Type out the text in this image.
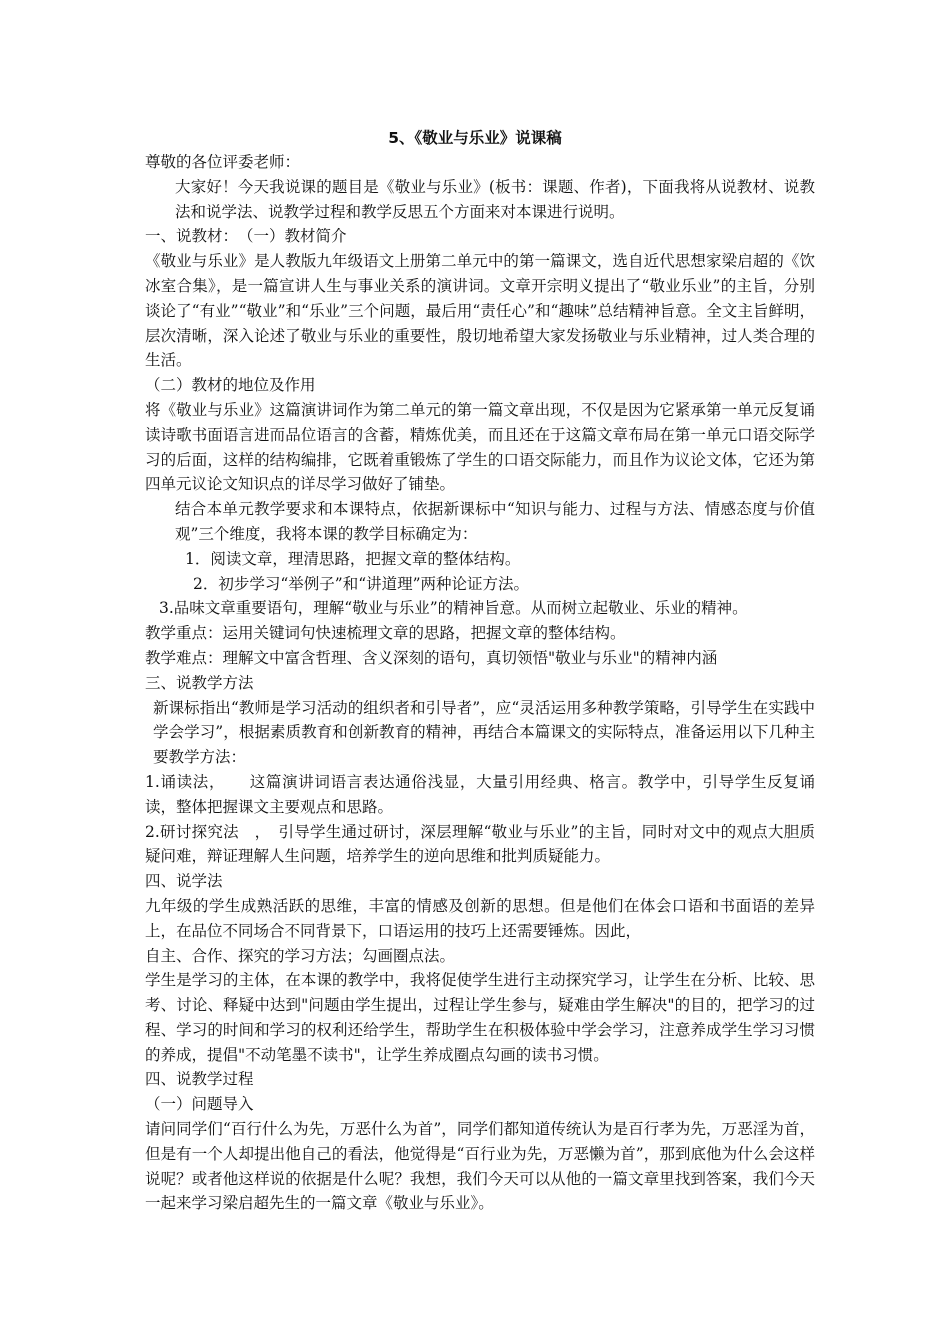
5、《敬业与乐业》说课稿

尊敬的各位评委老师：

大家好！今天我说课的题目是《敬业与乐业》(板书：课题、作者)，下面我将从说教材、说教法和说学法、说教学过程和教学反思五个方面来对本课进行说明。

一、说教材：　（一）教材简介

《敬业与乐业》是人教版九年级语文上册第二单元中的第一篇课文，选自近代思想家梁启超的《饮冰室合集》，是一篇宣讲人生与事业关系的演讲词。文章开宗明义提出了“敬业乐业”的主旨，分别谈论了“有业”“敬业”和“乐业”三个问题，最后用“责任心”和“趣味”总结精神旨意。全文主旨鲜明，层次清晰，深入论述了敬业与乐业的重要性，殷切地希望大家发扬敬业与乐业精神，过人类合理的生活。

（二）教材的地位及作用

将《敬业与乐业》这篇演讲词作为第二单元的第一篇文章出现，不仅是因为它紧承第一单元反复诵读诗歌书面语言进而品位语言的含蓄，精炼优美，而且还在于这篇文章布局在第一单元口语交际学习的后面，这样的结构编排，它既着重锻炼了学生的口语交际能力，而且作为议论文体，它还为第四单元议论文知识点的详尽学习做好了铺垫。

结合本单元教学要求和本课特点，依据新课标中“知识与能力、过程与方法、情感态度与价值观”三个维度，我将本课的教学目标确定为：

1．阅读文章，理清思路，把握文章的整体结构。

2．初步学习“举例子”和“讲道理”两种论证方法。

3.品味文章重要语句，理解“敬业与乐业”的精神旨意。从而树立起敬业、乐业的精神。

教学重点：运用关键词句快速梳理文章的思路，把握文章的整体结构。

教学难点：理解文中富含哲理、含义深刻的语句，真切领悟"敬业与乐业"的精神内涵

三、说教学方法

新课标指出“教师是学习活动的组织者和引导者”，应“灵活运用多种教学策略，引导学生在实践中学会学习”，根据素质教育和创新教育的精神，再结合本篇课文的实际特点，准备运用以下几种主要教学方法：

1.诵读法，　　这篇演讲词语言表达通俗浅显，大量引用经典、格言。教学中，引导学生反复诵读，整体把握课文主要观点和思路。

2.研讨探究法　，　引导学生通过研讨，深层理解“敬业与乐业”的主旨，同时对文中的观点大胆质疑问难，辩证理解人生问题，培养学生的逆向思维和批判质疑能力。

四、说学法

九年级的学生成熟活跃的思维，丰富的情感及创新的思想。但是他们在体会口语和书面语的差异上，在品位不同场合不同背景下，口语运用的技巧上还需要锤炼。因此，

自主、合作、探究的学习方法；勾画圈点法。

学生是学习的主体，在本课的教学中，我将促使学生进行主动探究学习，让学生在分析、比较、思考、讨论、释疑中达到"问题由学生提出，过程让学生参与，疑难由学生解决"的目的，把学习的过程、学习的时间和学习的权利还给学生，帮助学生在积极体验中学会学习，注意养成学生学习习惯的养成，提倡"不动笔墨不读书"，让学生养成圈点勾画的读书习惯。

四、说教学过程

（一）问题导入

请问同学们“百行什么为先，万恶什么为首”，同学们都知道传统认为是百行孝为先，万恶淫为首，但是有一个人却提出他自己的看法，他觉得是“百行业为先，万恶懒为首”，那到底他为什么会这样说呢？或者他这样说的依据是什么呢？我想，我们今天可以从他的一篇文章里找到答案，我们今天一起来学习梁启超先生的一篇文章《敬业与乐业》。
